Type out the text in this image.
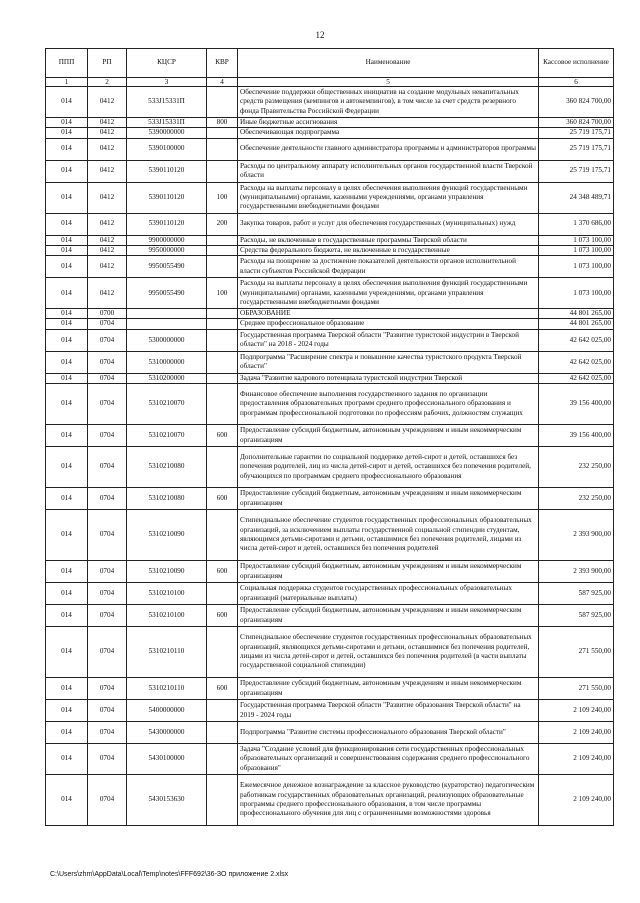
12
ППП	РП	КЦСР	КВР	Наименование	Кассовое исполнение
1	2	3	4	5	6
014	0412	533J15331П		Обеспечение поддержки общественных инициатив на создание модульных некапитальных средств размещения (кемпингов и автокемпингов), в том числе за счет средств резервного фонда Правительства Российской Федерации	360 824 700,00
014	0412	533J15331П	800	Иные бюджетные ассигнования	360 824 700,00
014	0412	5390000000		Обеспечивающая подпрограмма	25 719 175,71
014	0412	5390100000		Обеспечение деятельности главного администратора программы и администраторов программы	25 719 175,71
014	0412	5390110120		Расходы по центральному аппарату исполнительных органов государственной власти Тверской области	25 719 175,71
014	0412	5390110120	100	Расходы на выплаты персоналу в целях обеспечения выполнения функций государственными (муниципальными) органами, казенными учреждениями, органами управления государственными внебюджетными фондами	24 348 489,71
014	0412	5390110120	200	Закупка товаров, работ и услуг для обеспечения государственных (муниципальных) нужд	1 370 686,00
014	0412	9900000000		Расходы, не включенные в государственные программы Тверской области	1 073 100,00
014	0412	9950000000		Средства федерального бюджета, не включенные в государственные	1 073 100,00
014	0412	9950055490		Расходы на поощрение за достижение показателей деятельности органов исполнительной власти субъектов Российской Федерации	1 073 100,00
014	0412	9950055490	100	Расходы на выплаты персоналу в целях обеспечения выполнения функций государственными (муниципальными) органами, казенными учреждениями, органами управления государственными внебюджетными фондами	1 073 100,00
014	0700			ОБРАЗОВАНИЕ	44 801 265,00
014	0704			Среднее профессиональное образование	44 801 265,00
014	0704	5300000000		Государственная программа Тверской области "Развитие туристской индустрии в Тверской области" на 2018 - 2024 годы	42 642 025,00
014	0704	5310000000		Подпрограмма "Расширение спектра и повышение качества туристского продукта Тверской области"	42 642 025,00
014	0704	5310200000		Задача "Развитие кадрового потенциала туристской индустрии Тверской	42 642 025,00
014	0704	5310210070		Финансовое обеспечение выполнения государственного задания по организации предоставления образовательных программ среднего профессионального образования и программам профессиональной подготовки по профессиям рабочих, должностям служащих	39 156 400,00
014	0704	5310210070	600	Предоставление субсидий бюджетным, автономным учреждениям и иным некоммерческим организациям	39 156 400,00
014	0704	5310210080		Дополнительные гарантии по социальной поддержке детей-сирот и детей, оставшихся без попечения родителей, лиц из числа детей-сирот и детей, оставшихся без попечения родителей, обучающихся по программам среднего профессионального образования	232 250,00
014	0704	5310210080	600	Предоставление субсидий бюджетным, автономным учреждениям и иным некоммерческим организациям	232 250,00
014	0704	5310210090		Стипендиальное обеспечение студентов государственных профессиональных образовательных организаций, за исключением выплаты государственной социальной стипендии студентам, являющимся детьми-сиротами и детьми, оставшимися без попечения родителей, лицами из числа детей-сирот и детей, оставшихся без попечения родителей	2 393 900,00
014	0704	5310210090	600	Предоставление субсидий бюджетным, автономным учреждениям и иным некоммерческим организациям	2 393 900,00
014	0704	5310210100		Социальная поддержка студентов государственных профессиональных образовательных организаций (материальные выплаты)	587 925,00
014	0704	5310210100	600	Предоставление субсидий бюджетным, автономным учреждениям и иным некоммерческим организациям	587 925,00
014	0704	5310210110		Стипендиальное обеспечение студентов государственных профессиональных образовательных организаций, являющихся детьми-сиротами и детьми, оставшимися без попечения родителей, лицами из числа детей-сирот и детей, оставшихся без попечения родителей (в части выплаты государственной социальной стипендии)	271 550,00
014	0704	5310210110	600	Предоставление субсидий бюджетным, автономным учреждениям и иным некоммерческим организациям	271 550,00
014	0704	5400000000		Государственная программа Тверской области "Развитие образования Тверской области" на 2019 - 2024 годы	2 109 240,00
014	0704	5430000000		Подпрограмма "Развитие системы профессионального образования Тверской области"	2 109 240,00
014	0704	5430100000		Задача "Создание условий для функционирования сети государственных профессиональных образовательных организаций и совершенствования содержания среднего профессионального образования"	2 109 240,00
014	0704	5430153630		Ежемесячное денежное вознаграждение за классное руководство (кураторство) педагогическим работникам государственных образовательных организаций, реализующих образовательные программы среднего профессионального образования, в том числе программы профессионального обучения для лиц с ограниченными возможностями здоровья	2 109 240,00
C:\Users\zhm\AppData\Local\Temp\notes\FFF692\36-ЗО приложение 2.xlsx
